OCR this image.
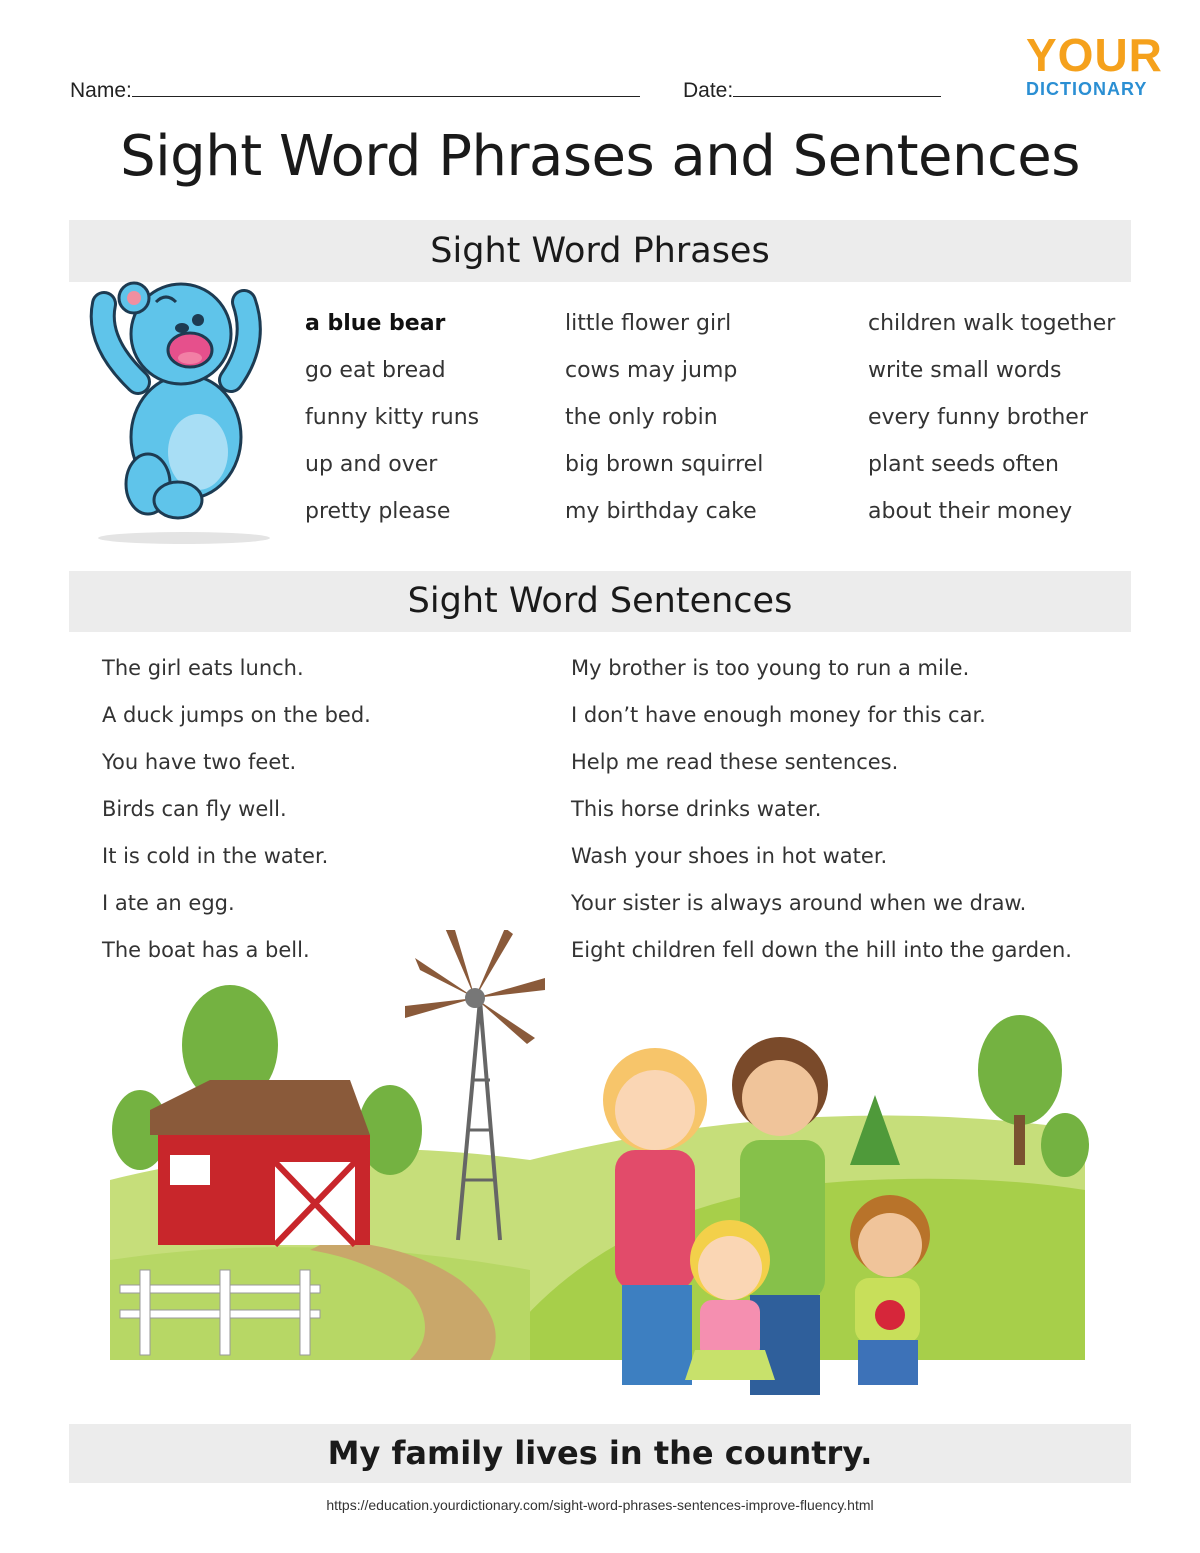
Name:	Date:
YOUR
DICTIONARY
Sight Word Phrases and Sentences
Sight Word Phrases
a blue bear
go eat bread
funny kitty runs
up and over
pretty please
little flower girl
cows may jump
the only robin
big brown squirrel
my birthday cake
children walk together
write small words
every funny brother
plant seeds often
about their money
Sight Word Sentences
The girl eats lunch.
A duck jumps on the bed.
You have two feet.
Birds can fly well.
It is cold in the water.
I ate an egg.
The boat has a bell.
My brother is too young to run a mile.
I don’t have enough money for this car.
Help me read these sentences.
This horse drinks water.
Wash your shoes in hot water.
Your sister is always around when we draw.
Eight children fell down the hill into the garden.
My family lives in the country.
https://education.yourdictionary.com/sight-word-phrases-sentences-improve-fluency.html
